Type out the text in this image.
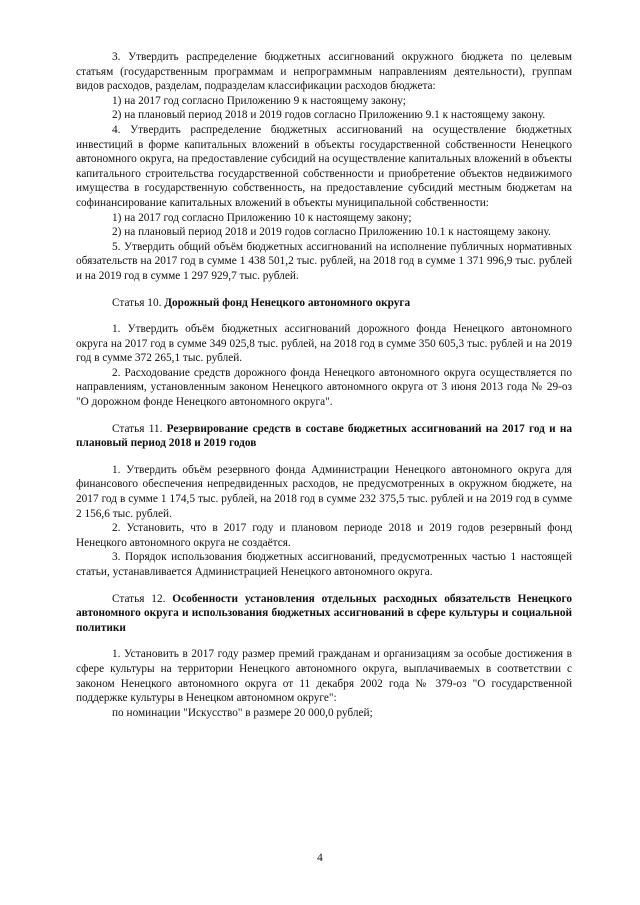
3. Утвердить распределение бюджетных ассигнований окружного бюджета по целевым статьям (государственным программам и непрограммным направлениям деятельности), группам видов расходов, разделам, подразделам классификации расходов бюджета:

1) на 2017 год согласно Приложению 9 к настоящему закону;

2) на плановый период 2018 и 2019 годов согласно Приложению 9.1 к настоящему закону.

4. Утвердить распределение бюджетных ассигнований на осуществление бюджетных инвестиций в форме капитальных вложений в объекты государственной собственности Ненецкого автономного округа, на предоставление субсидий на осуществление капитальных вложений в объекты капитального строительства государственной собственности и приобретение объектов недвижимого имущества в государственную собственность, на предоставление субсидий местным бюджетам на софинансирование капитальных вложений в объекты муниципальной собственности:

1) на 2017 год согласно Приложению 10 к настоящему закону;

2) на плановый период 2018 и 2019 годов согласно Приложению 10.1 к настоящему закону.

5. Утвердить общий объём бюджетных ассигнований на исполнение публичных нормативных обязательств на 2017 год в сумме 1 438 501,2 тыс. рублей, на 2018 год в сумме 1 371 996,9 тыс. рублей и на 2019 год в сумме 1 297 929,7 тыс. рублей.

Статья 10. Дорожный фонд Ненецкого автономного округа

1. Утвердить объём бюджетных ассигнований дорожного фонда Ненецкого автономного округа на 2017 год в сумме 349 025,8 тыс. рублей, на 2018 год в сумме 350 605,3 тыс. рублей и на 2019 год в сумме 372 265,1 тыс. рублей.

2. Расходование средств дорожного фонда Ненецкого автономного округа осуществляется по направлениям, установленным законом Ненецкого автономного округа от 3 июня 2013 года № 29-оз "О дорожном фонде Ненецкого автономного округа".

Статья 11. Резервирование средств в составе бюджетных ассигнований на 2017 год и на плановый период 2018 и 2019 годов

1. Утвердить объём резервного фонда Администрации Ненецкого автономного округа для финансового обеспечения непредвиденных расходов, не предусмотренных в окружном бюджете, на 2017 год в сумме 1 174,5 тыс. рублей, на 2018 год в сумме 232 375,5 тыс. рублей и на 2019 год в сумме 2 156,6 тыс. рублей.

2. Установить, что в 2017 году и плановом периоде 2018 и 2019 годов резервный фонд Ненецкого автономного округа не создаётся.

3. Порядок использования бюджетных ассигнований, предусмотренных частью 1 настоящей статьи, устанавливается Администрацией Ненецкого автономного округа.

Статья 12. Особенности установления отдельных расходных обязательств Ненецкого автономного округа и использования бюджетных ассигнований в сфере культуры и социальной политики

1. Установить в 2017 году размер премий гражданам и организациям за особые достижения в сфере культуры на территории Ненецкого автономного округа, выплачиваемых в соответствии с законом Ненецкого автономного округа от 11 декабря 2002 года № 379-оз "О государственной поддержке культуры в Ненецком автономном округе":

по номинации "Искусство" в размере 20 000,0 рублей;

4
